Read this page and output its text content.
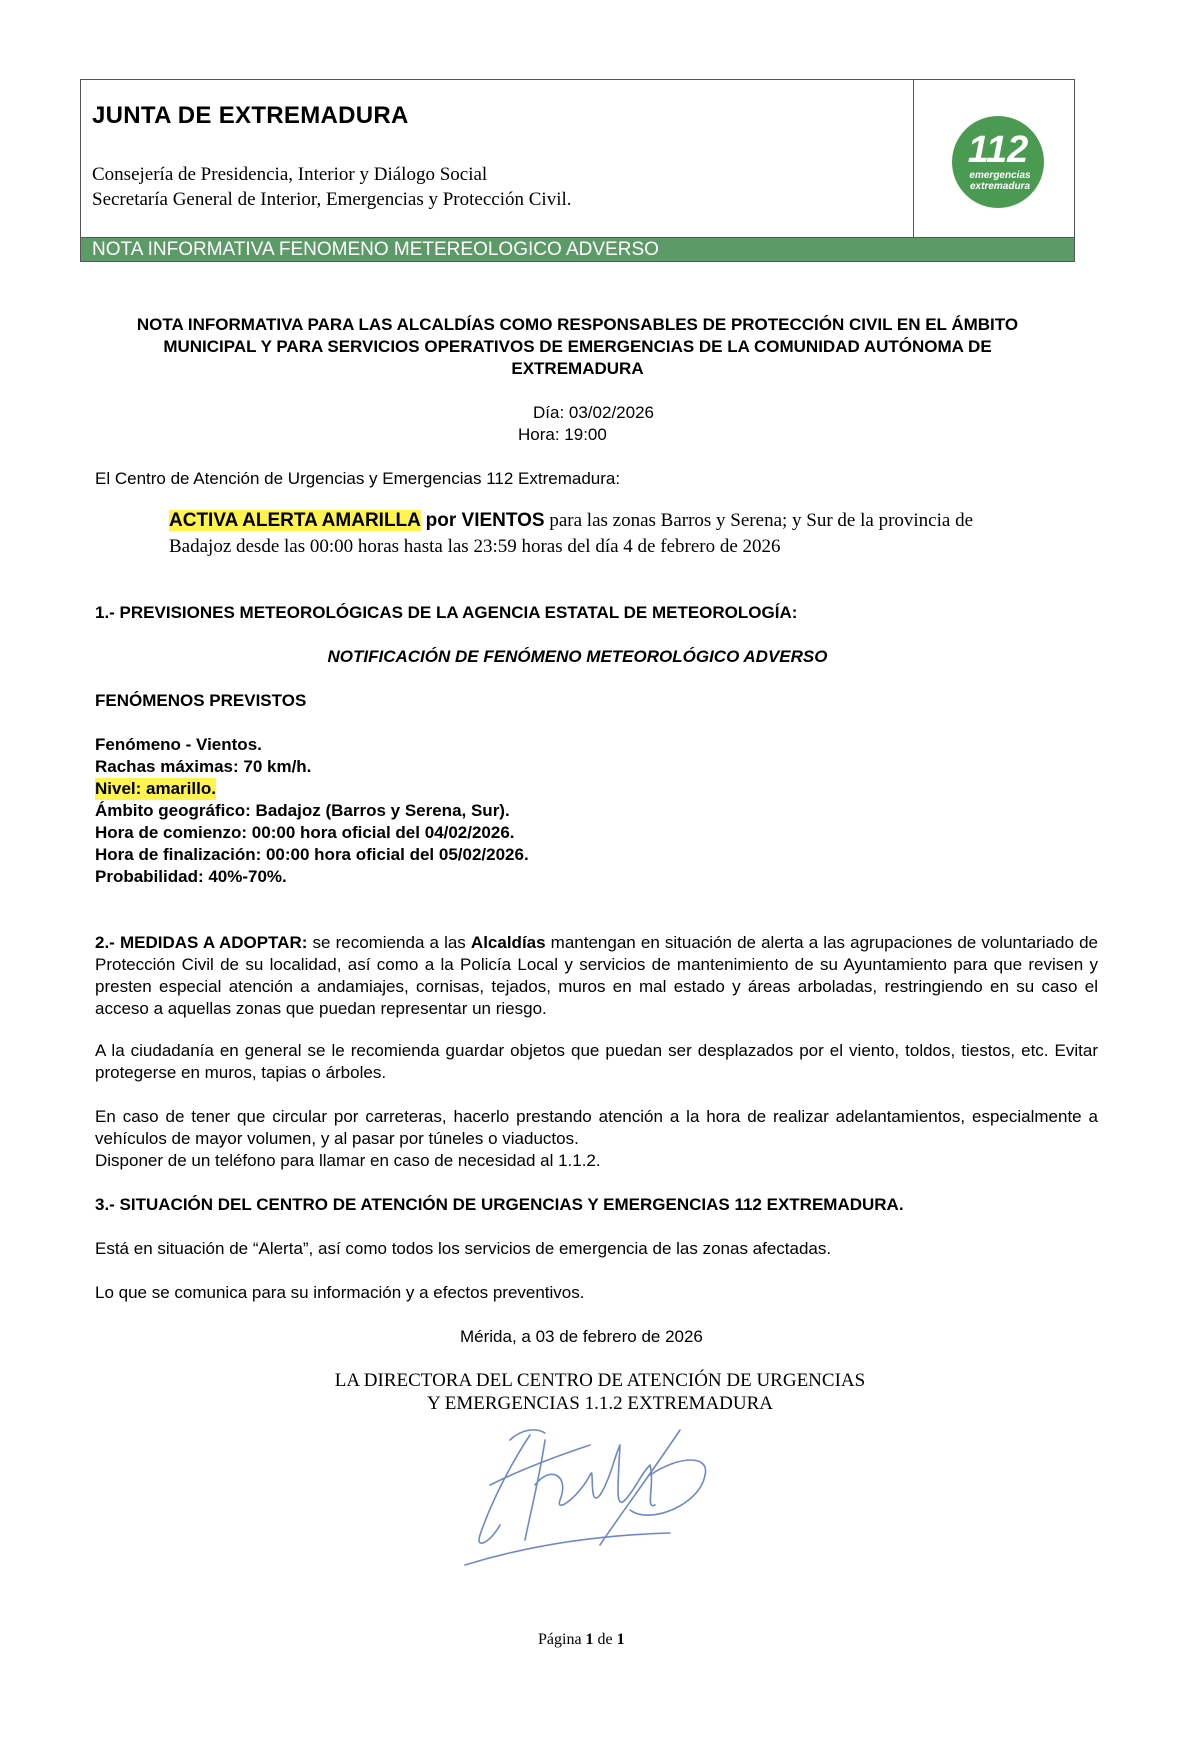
JUNTA DE EXTREMADURA
Consejería de Presidencia, Interior y Diálogo Social
Secretaría General de Interior, Emergencias y Protección Civil.
112
emergencias
extremadura
NOTA INFORMATIVA FENOMENO METEREOLOGICO ADVERSO
NOTA INFORMATIVA PARA LAS ALCALDÍAS COMO RESPONSABLES DE PROTECCIÓN CIVIL EN EL ÁMBITO
MUNICIPAL Y PARA SERVICIOS OPERATIVOS DE EMERGENCIAS DE LA COMUNIDAD AUTÓNOMA DE
EXTREMADURA
Día: 03/02/2026
Hora: 19:00
El Centro de Atención de Urgencias y Emergencias 112 Extremadura:
ACTIVA ALERTA AMARILLA por VIENTOS para las zonas Barros y Serena; y Sur de la provincia de
Badajoz desde las 00:00 horas hasta las 23:59 horas del día 4 de febrero de 2026
1.- PREVISIONES METEOROLÓGICAS DE LA AGENCIA ESTATAL DE METEOROLOGÍA:
NOTIFICACIÓN DE FENÓMENO METEOROLÓGICO ADVERSO
FENÓMENOS PREVISTOS
Fenómeno - Vientos.
Rachas máximas: 70 km/h.
Nivel: amarillo.
Ámbito geográfico: Badajoz (Barros y Serena, Sur).
Hora de comienzo: 00:00 hora oficial del 04/02/2026.
Hora de finalización: 00:00 hora oficial del 05/02/2026.
Probabilidad: 40%-70%.
2.- MEDIDAS A ADOPTAR: se recomienda a las Alcaldías mantengan en situación de alerta a las agrupaciones de voluntariado de Protección Civil de su localidad, así como a la Policía Local y servicios de mantenimiento de su Ayuntamiento para que revisen y presten especial atención a andamiajes, cornisas, tejados, muros en mal estado y áreas arboladas, restringiendo en su caso el acceso a aquellas zonas que puedan representar un riesgo.
A la ciudadanía en general se le recomienda guardar objetos que puedan ser desplazados por el viento, toldos, tiestos, etc. Evitar protegerse en muros, tapias o árboles.
En caso de tener que circular por carreteras, hacerlo prestando atención a la hora de realizar adelantamientos, especialmente a vehículos de mayor volumen, y al pasar por túneles o viaductos.
Disponer de un teléfono para llamar en caso de necesidad al 1.1.2.
3.- SITUACIÓN DEL CENTRO DE ATENCIÓN DE URGENCIAS Y EMERGENCIAS 112 EXTREMADURA.
Está en situación de “Alerta”, así como todos los servicios de emergencia de las zonas afectadas.
Lo que se comunica para su información y a efectos preventivos.
Mérida, a 03 de febrero de 2026
LA DIRECTORA DEL CENTRO DE ATENCIÓN DE URGENCIAS
Y EMERGENCIAS 1.1.2 EXTREMADURA
Página 1 de 1
